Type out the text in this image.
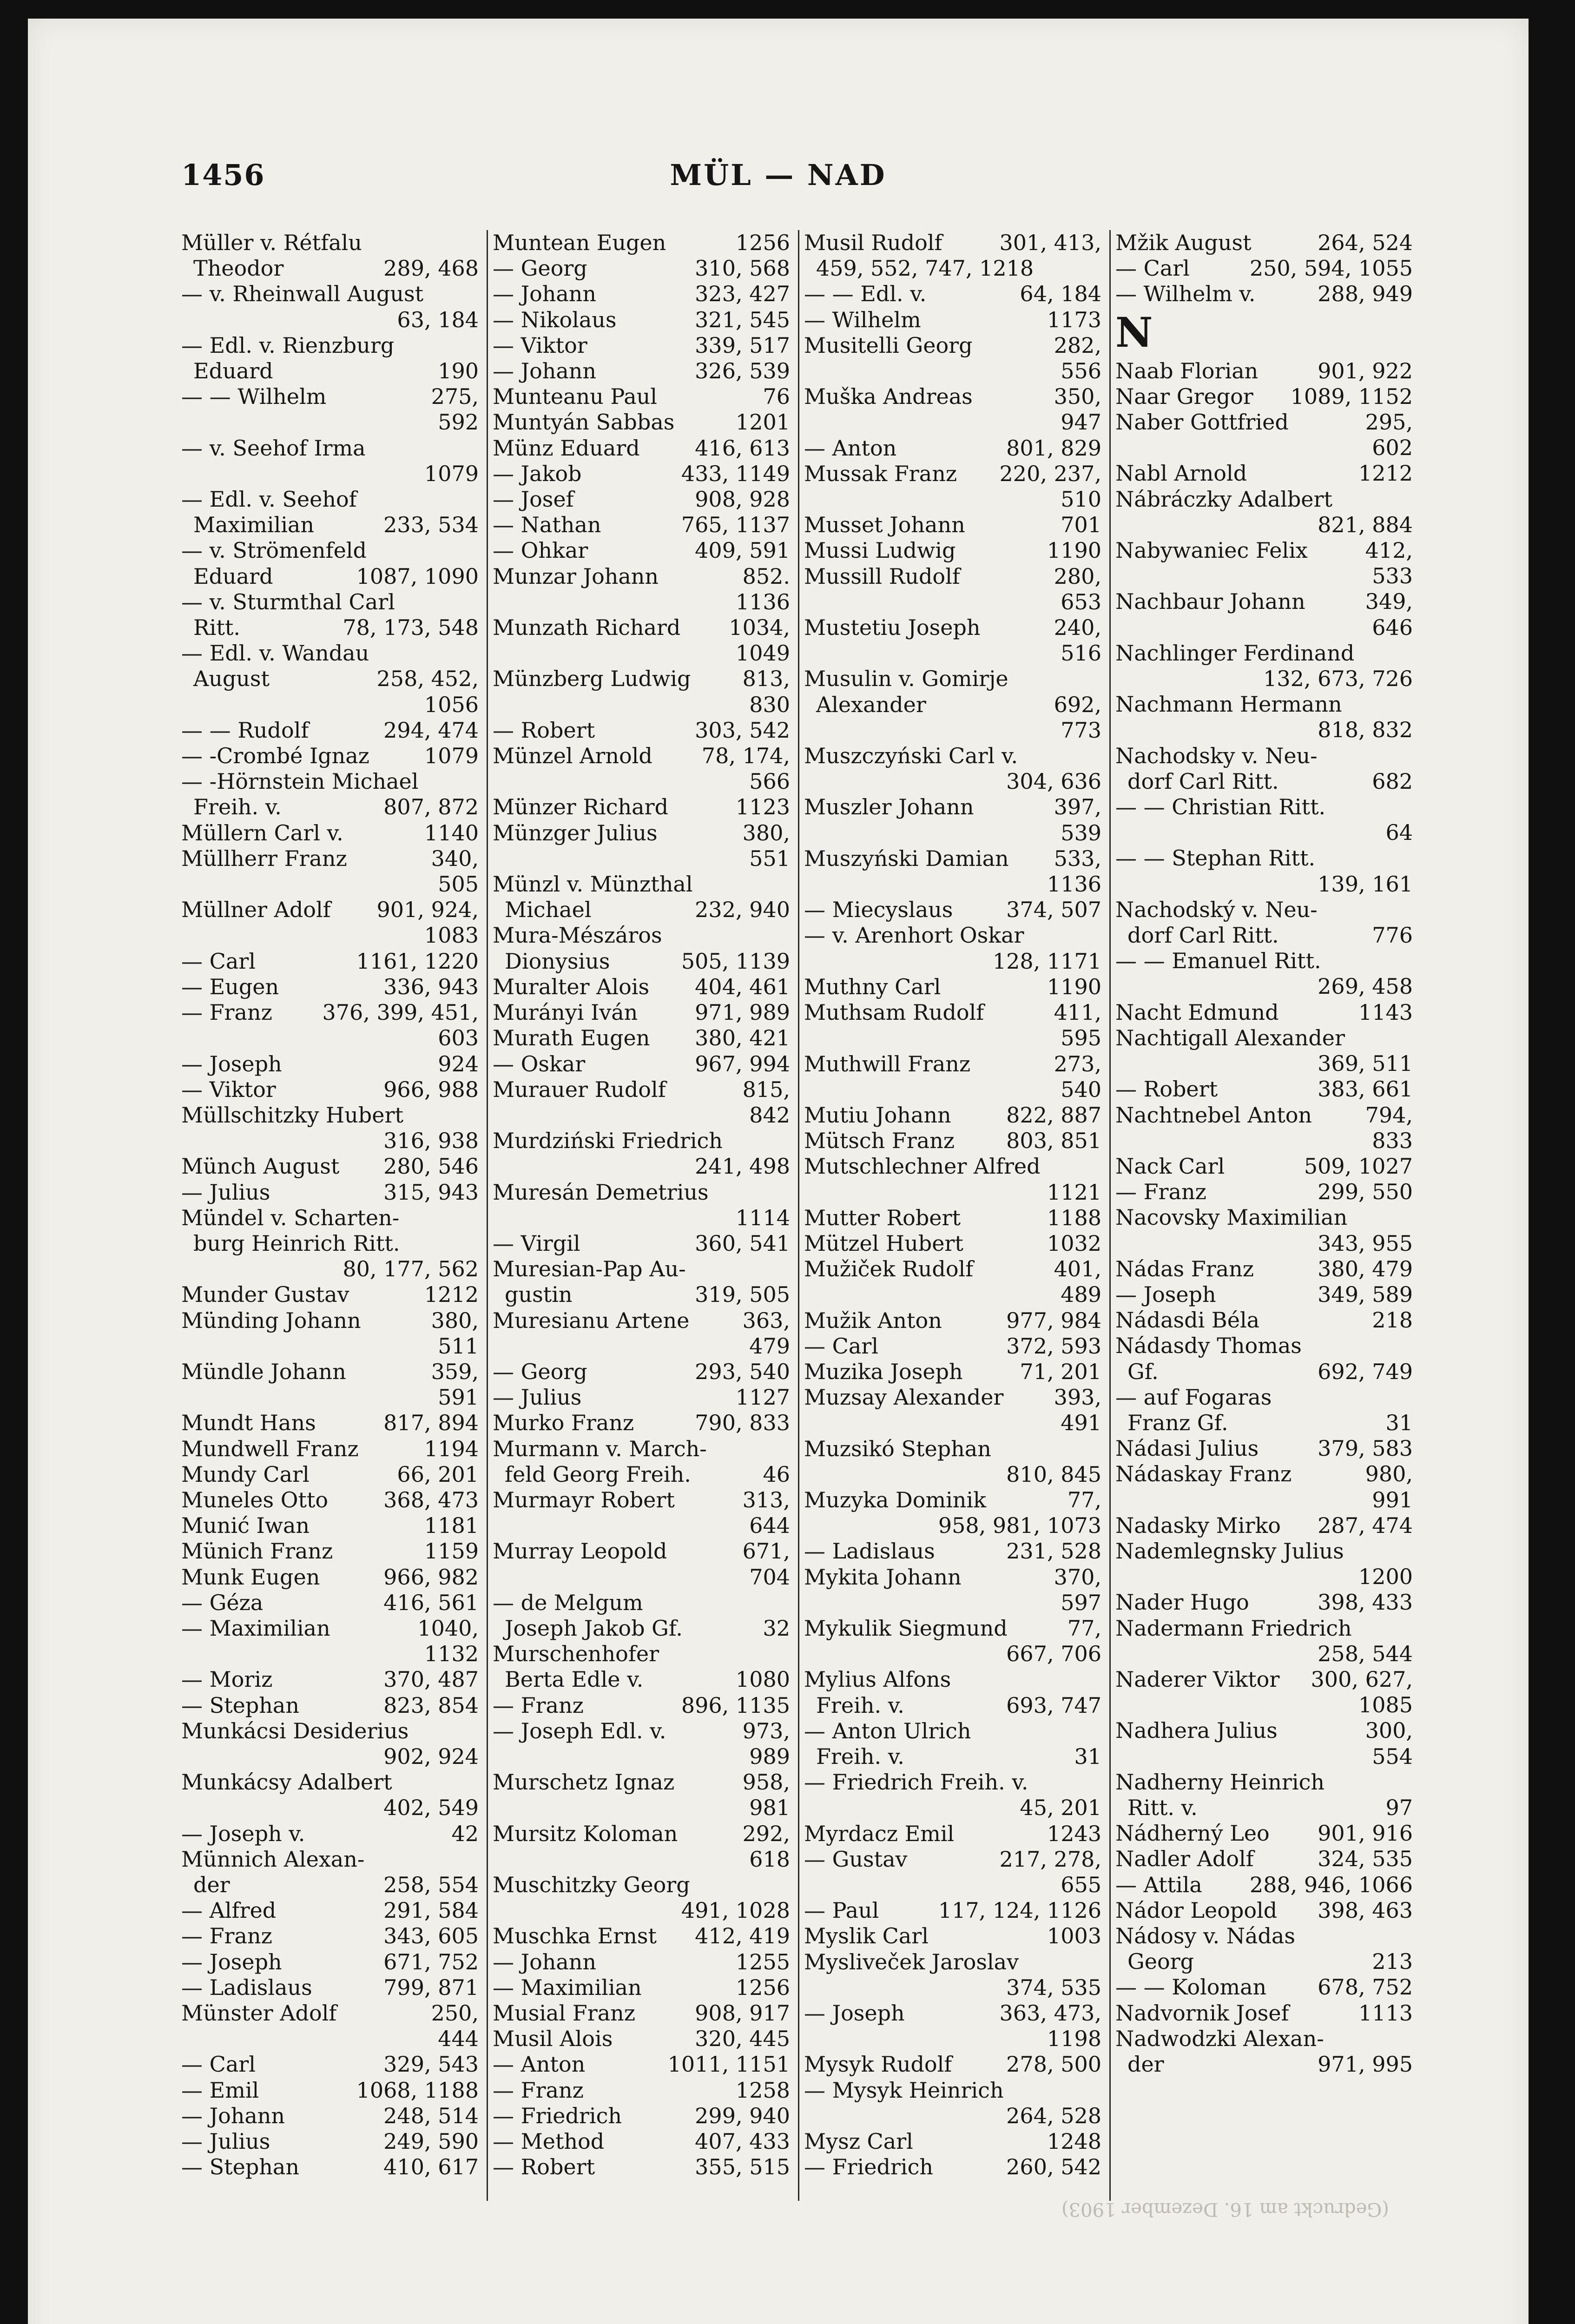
1456	MÜL — NAD
Müller v. Rétfalu
Theodor	289, 468
— v. Rheinwall August
63, 184
— Edl. v. Rienzburg
Eduard	190
— — Wilhelm	275,
592
— v. Seehof Irma
1079
— Edl. v. Seehof
Maximilian	233, 534
— v. Strömenfeld
Eduard	1087, 1090
— v. Sturmthal Carl
Ritt.	78, 173, 548
— Edl. v. Wandau
August	258, 452,
1056
— — Rudolf	294, 474
— -Crombé Ignaz	1079
— -Hörnstein Michael
Freih. v.	807, 872
Müllern Carl v.	1140
Müllherr Franz	340,
505
Müllner Adolf	901, 924,
1083
— Carl	1161, 1220
— Eugen	336, 943
— Franz	376, 399, 451,
603
— Joseph	924
— Viktor	966, 988
Müllschitzky Hubert
316, 938
Münch August	280, 546
— Julius	315, 943
Mündel v. Scharten-
burg Heinrich Ritt.
80, 177, 562
Munder Gustav	1212
Münding Johann	380,
511
Mündle Johann	359,
591
Mundt Hans	817, 894
Mundwell Franz	1194
Mundy Carl	66, 201
Muneles Otto	368, 473
Munić Iwan	1181
Münich Franz	1159
Munk Eugen	966, 982
— Géza	416, 561
— Maximilian	1040,
1132
— Moriz	370, 487
— Stephan	823, 854
Munkácsi Desiderius
902, 924
Munkácsy Adalbert
402, 549
— Joseph v.	42
Münnich Alexan-
der	258, 554
— Alfred	291, 584
— Franz	343, 605
— Joseph	671, 752
— Ladislaus	799, 871
Münster Adolf	250,
444
— Carl	329, 543
— Emil	1068, 1188
— Johann	248, 514
— Julius	249, 590
— Stephan	410, 617
Muntean Eugen	1256
— Georg	310, 568
— Johann	323, 427
— Nikolaus	321, 545
— Viktor	339, 517
— Johann	326, 539
Munteanu Paul	76
Muntyán Sabbas	1201
Münz Eduard	416, 613
— Jakob	433, 1149
— Josef	908, 928
— Nathan	765, 1137
— Ohkar	409, 591
Munzar Johann	852.
1136
Munzath Richard	1034,
1049
Münzberg Ludwig	813,
830
— Robert	303, 542
Münzel Arnold	78, 174,
566
Münzer Richard	1123
Münzger Julius	380,
551
Münzl v. Münzthal
Michael	232, 940
Mura-Mészáros
Dionysius	505, 1139
Muralter Alois	404, 461
Murányi Iván	971, 989
Murath Eugen	380, 421
— Oskar	967, 994
Murauer Rudolf	815,
842
Murdziński Friedrich
241, 498
Muresán Demetrius
1114
— Virgil	360, 541
Muresian-Pap Au-
gustin	319, 505
Muresianu Artene	363,
479
— Georg	293, 540
— Julius	1127
Murko Franz	790, 833
Murmann v. March-
feld Georg Freih.	46
Murmayr Robert	313,
644
Murray Leopold	671,
704
— de Melgum
Joseph Jakob Gf.	32
Murschenhofer
Berta Edle v.	1080
— Franz	896, 1135
— Joseph Edl. v.	973,
989
Murschetz Ignaz	958,
981
Mursitz Koloman	292,
618
Muschitzky Georg
491, 1028
Muschka Ernst	412, 419
— Johann	1255
— Maximilian	1256
Musial Franz	908, 917
Musil Alois	320, 445
— Anton	1011, 1151
— Franz	1258
— Friedrich	299, 940
— Method	407, 433
— Robert	355, 515
Musil Rudolf	301, 413,
459, 552, 747, 1218
— — Edl. v.	64, 184
— Wilhelm	1173
Musitelli Georg	282,
556
Muška Andreas	350,
947
— Anton	801, 829
Mussak Franz	220, 237,
510
Musset Johann	701
Mussi Ludwig	1190
Mussill Rudolf	280,
653
Mustetiu Joseph	240,
516
Musulin v. Gomirje
Alexander	692,
773
Muszczyński Carl v.
304, 636
Muszler Johann	397,
539
Muszyński Damian	533,
1136
— Miecyslaus	374, 507
— v. Arenhort Oskar
128, 1171
Muthny Carl	1190
Muthsam Rudolf	411,
595
Muthwill Franz	273,
540
Mutiu Johann	822, 887
Mütsch Franz	803, 851
Mutschlechner Alfred
1121
Mutter Robert	1188
Mützel Hubert	1032
Mužiček Rudolf	401,
489
Mužik Anton	977, 984
— Carl	372, 593
Muzika Joseph	71, 201
Muzsay Alexander	393,
491
Muzsikó Stephan
810, 845
Muzyka Dominik	77,
958, 981, 1073
— Ladislaus	231, 528
Mykita Johann	370,
597
Mykulik Siegmund	77,
667, 706
Mylius Alfons
Freih. v.	693, 747
— Anton Ulrich
Freih. v.	31
— Friedrich Freih. v.
45, 201
Myrdacz Emil	1243
— Gustav	217, 278,
655
— Paul	117, 124, 1126
Myslik Carl	1003
Mysliveček Jaroslav
374, 535
— Joseph	363, 473,
1198
Mysyk Rudolf	278, 500
— Mysyk Heinrich
264, 528
Mysz Carl	1248
— Friedrich	260, 542
Mžik August	264, 524
— Carl	250, 594, 1055
— Wilhelm v.	288, 949
N
Naab Florian	901, 922
Naar Gregor	1089, 1152
Naber Gottfried	295,
602
Nabl Arnold	1212
Nábráczky Adalbert
821, 884
Nabywaniec Felix	412,
533
Nachbaur Johann	349,
646
Nachlinger Ferdinand
132, 673, 726
Nachmann Hermann
818, 832
Nachodsky v. Neu-
dorf Carl Ritt.	682
— — Christian Ritt.
64
— — Stephan Ritt.
139, 161
Nachodský v. Neu-
dorf Carl Ritt.	776
— — Emanuel Ritt.
269, 458
Nacht Edmund	1143
Nachtigall Alexander
369, 511
— Robert	383, 661
Nachtnebel Anton	794,
833
Nack Carl	509, 1027
— Franz	299, 550
Nacovsky Maximilian
343, 955
Nádas Franz	380, 479
— Joseph	349, 589
Nádasdi Béla	218
Nádasdy Thomas
Gf.	692, 749
— auf Fogaras
Franz Gf.	31
Nádasi Julius	379, 583
Nádaskay Franz	980,
991
Nadasky Mirko	287, 474
Nademlegnsky Julius
1200
Nader Hugo	398, 433
Nadermann Friedrich
258, 544
Naderer Viktor	300, 627,
1085
Nadhera Julius	300,
554
Nadherny Heinrich
Ritt. v.	97
Nádherný Leo	901, 916
Nadler Adolf	324, 535
— Attila	288, 946, 1066
Nádor Leopold	398, 463
Nádosy v. Nádas
Georg	213
— — Koloman	678, 752
Nadvornik Josef	1113
Nadwodzki Alexan-
der	971, 995
(Gedruckt am 16. Dezember 1903)
